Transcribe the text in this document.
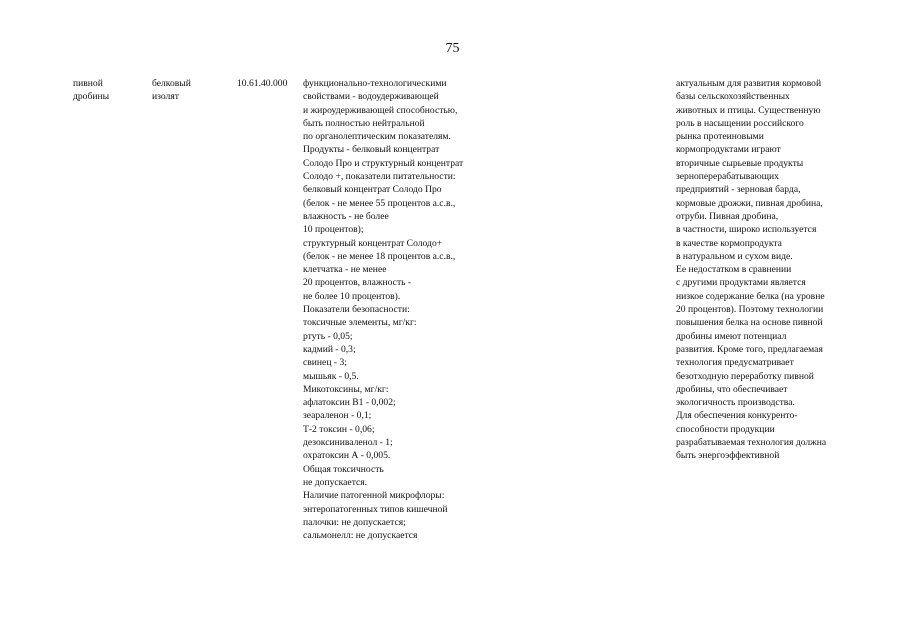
75
пивной
дробины
белковый
изолят
10.61.40.000 функционально-технологическими
свойствами - водоудерживающей
и жироудерживающей способностью,
быть полностью нейтральной
по органолептическим показателям.
Продукты - белковый концентрат
Солодо Про и структурный концентрат
Солодо +, показатели питательности:
белковый концентрат Солодо Про
(белок - не менее 55 процентов а.с.в.,
влажность - не более
10 процентов);
структурный концентрат Солодо+
(белок - не менее 18 процентов а.с.в.,
клетчатка - не менее
20 процентов, влажность -
не более 10 процентов).
Показатели безопасности:
токсичные элементы, мг/кг:
ртуть - 0,05;
кадмий - 0,3;
свинец - 3;
мышьяк - 0,5.
Микотоксины, мг/кг:
афлатоксин В1 - 0,002;
зеараленон - 0,1;
Т-2 токсин - 0,06;
дезоксиниваленол - 1;
охратоксин А - 0,005.
Общая токсичность
не допускается.
Наличие патогенной микрофлоры:
энтеропатогенных типов кишечной
палочки: не допускается;
сальмонелл: не допускается
актуальным для развития кормовой
базы сельскохозяйственных
животных и птицы. Существенную
роль в насыщении российского
рынка протеиновыми
кормопродуктами играют
вторичные сырьевые продукты
зерноперерабатывающих
предприятий - зерновая барда,
кормовые дрожжи, пивная дробина,
отруби. Пивная дробина,
в частности, широко используется
в качестве кормопродукта
в натуральном и сухом виде.
Ее недостатком в сравнении
с другими продуктами является
низкое содержание белка (на уровне
20 процентов). Поэтому технологии
повышения белка на основе пивной
дробины имеют потенциал
развития. Кроме того, предлагаемая
технология предусматривает
безотходную переработку пивной
дробины, что обеспечивает
экологичность производства.
Для обеспечения конкуренто-
способности продукции
разрабатываемая технология должна
быть энергоэффективной
